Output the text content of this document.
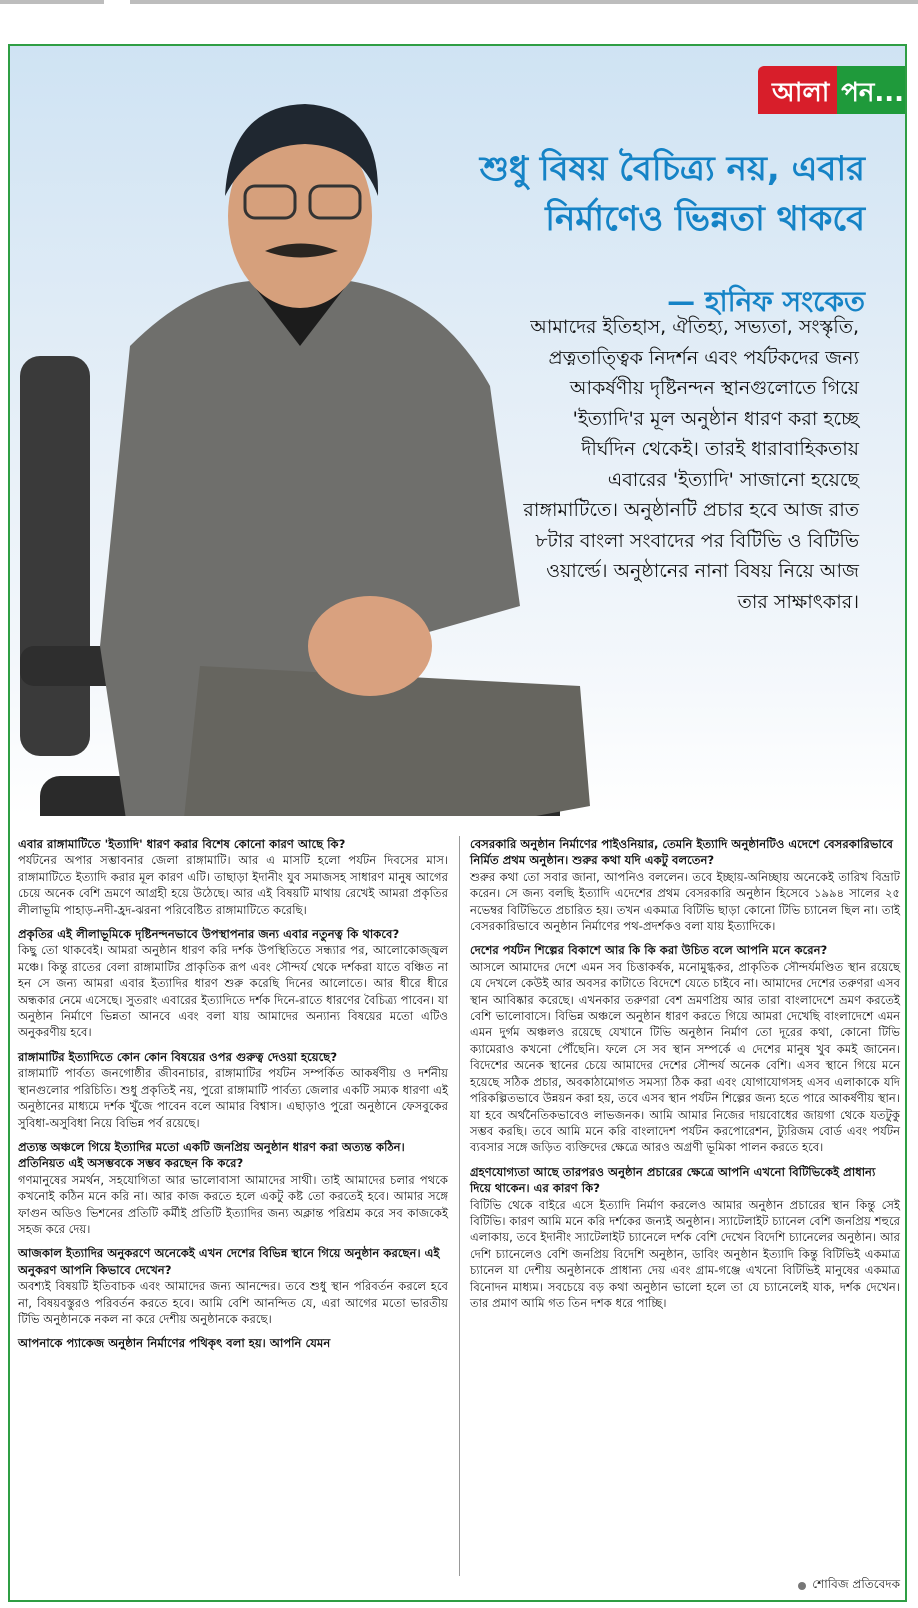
আলা পন...
শুধু বিষয় বৈচিত্র্য নয়, এবার
নির্মাণেও ভিন্নতা থাকবে
— হানিফ সংকেত
আমাদের ইতিহাস, ঐতিহ্য, সভ্যতা, সংস্কৃতি, প্রত্নতাত্ত্বিক নিদর্শন এবং পর্যটকদের জন্য আকর্ষণীয় দৃষ্টিনন্দন স্থানগুলোতে গিয়ে 'ইত্যাদি'র মূল অনুষ্ঠান ধারণ করা হচ্ছে দীর্ঘদিন থেকেই। তারই ধারাবাহিকতায় এবারের 'ইত্যাদি' সাজানো হয়েছে রাঙ্গামাটিতে। অনুষ্ঠানটি প্রচার হবে আজ রাত ৮টার বাংলা সংবাদের পর বিটিভি ও বিটিভি ওয়ার্ল্ডে। অনুষ্ঠানের নানা বিষয় নিয়ে আজ তার সাক্ষাৎকার।
এবার রাঙ্গামাটিতে 'ইত্যাদি' ধারণ করার বিশেষ কোনো কারণ আছে কি?
পর্যটনের অপার সম্ভাবনার জেলা রাঙ্গামাটি। আর এ মাসটি হলো পর্যটন দিবসের মাস। রাঙ্গামাটিতে ইত্যাদি করার মূল কারণ এটি। তাছাড়া ইদানীং যুব সমাজসহ সাধারণ মানুষ আগের চেয়ে অনেক বেশি ভ্রমণে আগ্রহী হয়ে উঠেছে। আর এই বিষয়টি মাথায় রেখেই আমরা প্রকৃতির লীলাভূমি পাহাড়-নদী-হ্রদ-ঝরনা পরিবেষ্টিত রাঙ্গামাটিতে করেছি।
প্রকৃতির এই লীলাভূমিকে দৃষ্টিনন্দনভাবে উপস্থাপনার জন্য এবার নতুনত্ব কি থাকবে?
কিছু তো থাকবেই। আমরা অনুষ্ঠান ধারণ করি দর্শক উপস্থিতিতে সন্ধ্যার পর, আলোকোজ্জ্বল মঞ্চে। কিন্তু রাতের বেলা রাঙ্গামাটির প্রাকৃতিক রূপ এবং সৌন্দর্য থেকে দর্শকরা যাতে বঞ্চিত না হন সে জন্য আমরা এবার ইত্যাদির ধারণ শুরু করেছি দিনের আলোতে। আর ধীরে ধীরে অন্ধকার নেমে এসেছে। সুতরাং এবারের ইত্যাদিতে দর্শক দিনে-রাতে ধারণের বৈচিত্র্য পাবেন। যা অনুষ্ঠান নির্মাণে ভিন্নতা আনবে এবং বলা যায় আমাদের অন্যান্য বিষয়ের মতো এটিও অনুকরণীয় হবে।
রাঙ্গামাটির ইত্যাদিতে কোন কোন বিষয়ের ওপর গুরুত্ব দেওয়া হয়েছে?
রাঙ্গামাটি পার্বত্য জনগোষ্ঠীর জীবনাচার, রাঙ্গামাটির পর্যটন সম্পর্কিত আকর্ষণীয় ও দর্শনীয় স্থানগুলোর পরিচিতি। শুধু প্রকৃতিই নয়, পুরো রাঙ্গামাটি পার্বত্য জেলার একটি সম্যক ধারণা এই অনুষ্ঠানের মাধ্যমে দর্শক খুঁজে পাবেন বলে আমার বিশ্বাস। এছাড়াও পুরো অনুষ্ঠানে ফেসবুকের সুবিধা-অসুবিধা নিয়ে বিভিন্ন পর্ব রয়েছে।
প্রত্যন্ত অঞ্চলে গিয়ে ইত্যাদির মতো একটি জনপ্রিয় অনুষ্ঠান ধারণ করা অত্যন্ত কঠিন। প্রতিনিয়ত এই অসম্ভবকে সম্ভব করছেন কি করে?
গণমানুষের সমর্থন, সহযোগিতা আর ভালোবাসা আমাদের সাথী। তাই আমাদের চলার পথকে কখনোই কঠিন মনে করি না। আর কাজ করতে হলে একটু কষ্ট তো করতেই হবে। আমার সঙ্গে ফাগুন অডিও ভিশনের প্রতিটি কর্মীই প্রতিটি ইত্যাদির জন্য অক্লান্ত পরিশ্রম করে সব কাজকেই সহজ করে দেয়।
আজকাল ইত্যাদির অনুকরণে অনেকেই এখন দেশের বিভিন্ন স্থানে গিয়ে অনুষ্ঠান করছেন। এই অনুকরণ আপনি কিভাবে দেখেন?
অবশ্যই বিষয়টি ইতিবাচক এবং আমাদের জন্য আনন্দের। তবে শুধু স্থান পরিবর্তন করলে হবে না, বিষয়বস্তুরও পরিবর্তন করতে হবে। আমি বেশি আনন্দিত যে, এরা আগের মতো ভারতীয় টিভি অনুষ্ঠানকে নকল না করে দেশীয় অনুষ্ঠানকে করছে।
আপনাকে প্যাকেজ অনুষ্ঠান নির্মাণের পথিকৃৎ বলা হয়। আপনি যেমন
বেসরকারি অনুষ্ঠান নির্মাণের পাইওনিয়ার, তেমনি ইত্যাদি অনুষ্ঠানটিও এদেশে বেসরকারিভাবে নির্মিত প্রথম অনুষ্ঠান। শুরুর কথা যদি একটু বলতেন?
শুরুর কথা তো সবার জানা, আপনিও বললেন। তবে ইচ্ছায়-অনিচ্ছায় অনেকেই তারিখ বিভ্রাট করেন। সে জন্য বলছি ইত্যাদি এদেশের প্রথম বেসরকারি অনুষ্ঠান হিসেবে ১৯৯৪ সালের ২৫ নভেম্বর বিটিভিতে প্রচারিত হয়। তখন একমাত্র বিটিভি ছাড়া কোনো টিভি চ্যানেল ছিল না। তাই বেসরকারিভাবে অনুষ্ঠান নির্মাণের পথ-প্রদর্শকও বলা যায় ইত্যাদিকে।
দেশের পর্যটন শিল্পের বিকাশে আর কি কি করা উচিত বলে আপনি মনে করেন?
আসলে আমাদের দেশে এমন সব চিত্তাকর্ষক, মনোমুগ্ধকর, প্রাকৃতিক সৌন্দর্যমণ্ডিত স্থান রয়েছে যে দেখলে কেউই আর অবসর কাটাতে বিদেশে যেতে চাইবে না। আমাদের দেশের তরুণরা এসব স্থান আবিষ্কার করেছে। এখনকার তরুণরা বেশ ভ্রমণপ্রিয় আর তারা বাংলাদেশে ভ্রমণ করতেই বেশি ভালোবাসে। বিভিন্ন অঞ্চলে অনুষ্ঠান ধারণ করতে গিয়ে আমরা দেখেছি বাংলাদেশে এমন এমন দুর্গম অঞ্চলও রয়েছে যেখানে টিভি অনুষ্ঠান নির্মাণ তো দূরের কথা, কোনো টিভি ক্যামেরাও কখনো পৌঁছেনি। ফলে সে সব স্থান সম্পর্কে এ দেশের মানুষ খুব কমই জানেন। বিদেশের অনেক স্থানের চেয়ে আমাদের দেশের সৌন্দর্য অনেক বেশি। এসব স্থানে গিয়ে মনে হয়েছে সঠিক প্রচার, অবকাঠামোগত সমস্যা ঠিক করা এবং যোগাযোগসহ এসব এলাকাকে যদি পরিকল্পিতভাবে উন্নয়ন করা হয়, তবে এসব স্থান পর্যটন শিল্পের জন্য হতে পারে আকর্ষণীয় স্থান। যা হবে অর্থনৈতিকভাবেও লাভজনক। আমি আমার নিজের দায়বোধের জায়গা থেকে যতটুকু সম্ভব করছি। তবে আমি মনে করি বাংলাদেশ পর্যটন করপোরেশন, ট্যুরিজম বোর্ড এবং পর্যটন ব্যবসার সঙ্গে জড়িত ব্যক্তিদের ক্ষেত্রে আরও অগ্রণী ভূমিকা পালন করতে হবে।
গ্রহণযোগ্যতা আছে তারপরও অনুষ্ঠান প্রচারের ক্ষেত্রে আপনি এখনো বিটিভিকেই প্রাধান্য দিয়ে থাকেন। এর কারণ কি?
বিটিভি থেকে বাইরে এসে ইত্যাদি নির্মাণ করলেও আমার অনুষ্ঠান প্রচারের স্থান কিন্তু সেই বিটিভি। কারণ আমি মনে করি দর্শকের জন্যই অনুষ্ঠান। স্যাটেলাইট চ্যানেল বেশি জনপ্রিয় শহুরে এলাকায়, তবে ইদানীং স্যাটেলাইট চ্যানেলে দর্শক বেশি দেখেন বিদেশি চ্যানেলের অনুষ্ঠান। আর দেশি চ্যানেলেও বেশি জনপ্রিয় বিদেশি অনুষ্ঠান, ডাবিং অনুষ্ঠান ইত্যাদি কিন্তু বিটিভিই একমাত্র চ্যানেল যা দেশীয় অনুষ্ঠানকে প্রাধান্য দেয় এবং গ্রাম-গঞ্জে এখনো বিটিভিই মানুষের একমাত্র বিনোদন মাধ্যম। সবচেয়ে বড় কথা অনুষ্ঠান ভালো হলে তা যে চ্যানেলেই যাক, দর্শক দেখেন। তার প্রমাণ আমি গত তিন দশক ধরে পাচ্ছি।
শোবিজ প্রতিবেদক
